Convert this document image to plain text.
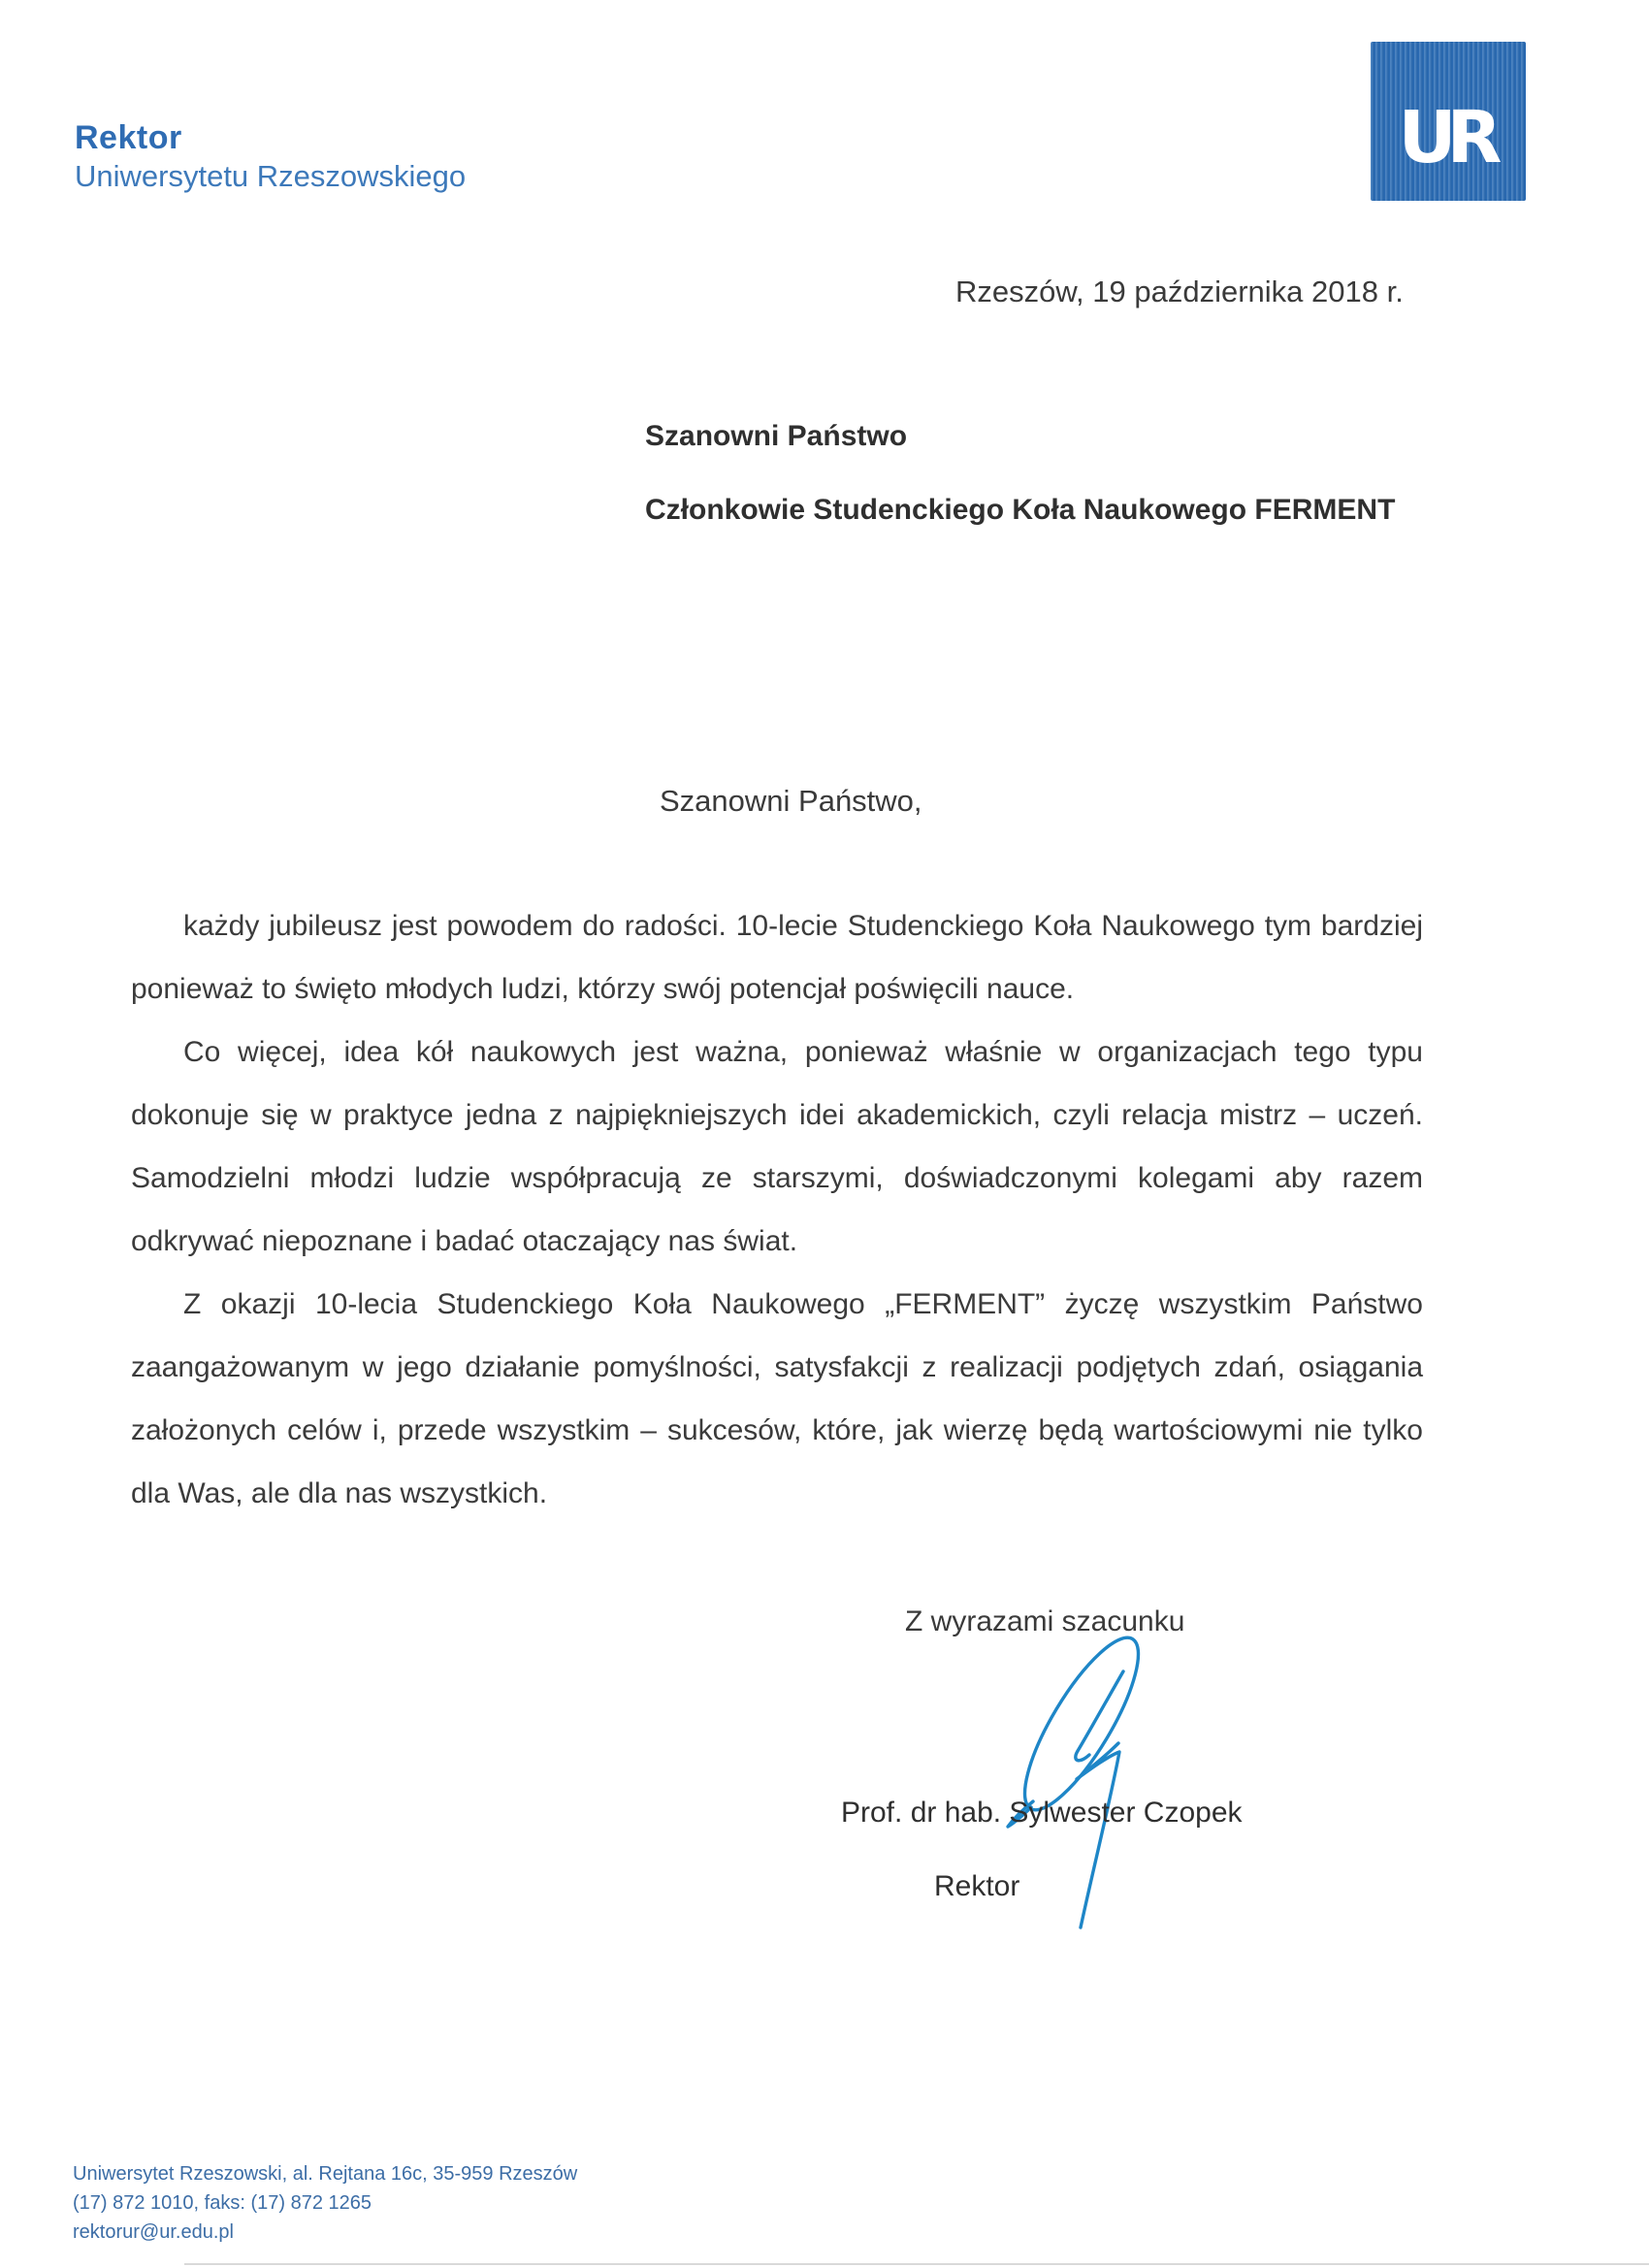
Rektor
Uniwersytetu Rzeszowskiego	UR
Rzeszów, 19 października 2018 r.
Szanowni Państwo
Członkowie Studenckiego Koła Naukowego FERMENT
Szanowni Państwo,

każdy jubileusz jest powodem do radości. 10-lecie Studenckiego Koła Naukowego tym bardziej ponieważ to święto młodych ludzi, którzy swój potencjał poświęcili nauce.

Co więcej, idea kół naukowych jest ważna, ponieważ właśnie w organizacjach tego typu dokonuje się w praktyce jedna z najpiękniejszych idei akademickich, czyli relacja mistrz – uczeń. Samodzielni młodzi ludzie współpracują ze starszymi, doświadczonymi kolegami aby razem odkrywać niepoznane i badać otaczający nas świat.

Z okazji 10-lecia Studenckiego Koła Naukowego „FERMENT” życzę wszystkim Państwo zaangażowanym w jego działanie pomyślności, satysfakcji z realizacji podjętych zdań, osiągania założonych celów i, przede wszystkim – sukcesów, które, jak wierzę będą wartościowymi nie tylko dla Was, ale dla nas wszystkich.

Z wyrazami szacunku
Prof. dr hab. Sylwester Czopek
Rektor
Uniwersytet Rzeszowski, al. Rejtana 16c, 35-959 Rzeszów
(17) 872 1010, faks: (17) 872 1265
rektorur@ur.edu.pl
